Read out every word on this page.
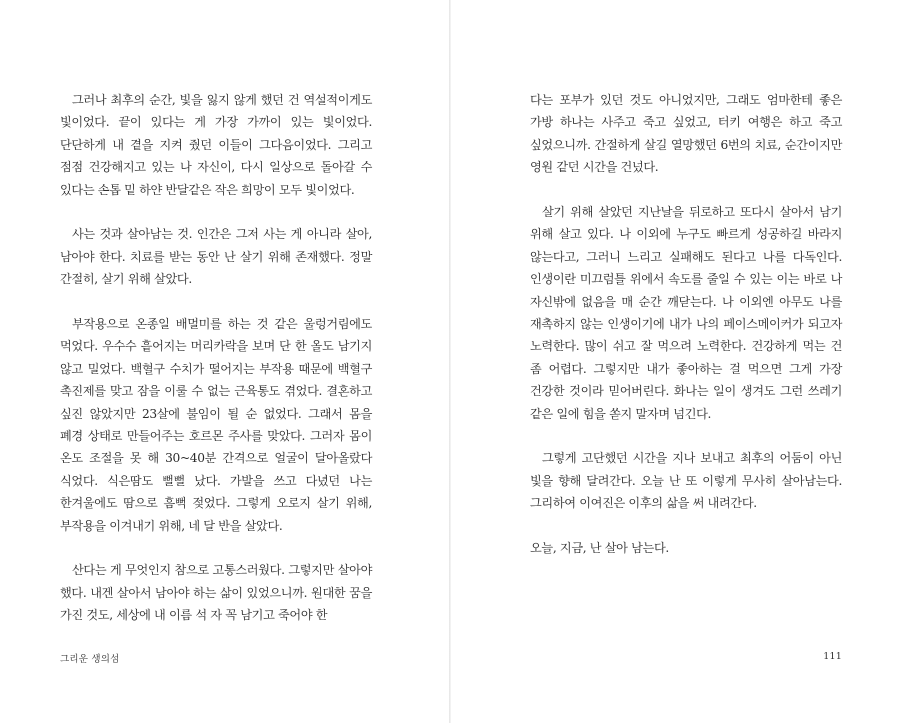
그러나 최후의 순간, 빛을 잃지 않게 했던 건 역설적이게도 빛이었다. 끝이 있다는 게 가장 가까이 있는 빛이었다. 단단하게 내 곁을 지켜 줬던 이들이 그다음이었다. 그리고 점점 건강해지고 있는 나 자신이, 다시 일상으로 돌아갈 수 있다는 손톱 밑 하얀 반달같은 작은 희망이 모두 빛이었다.

사는 것과 살아남는 것. 인간은 그저 사는 게 아니라 살아, 남아야 한다. 치료를 받는 동안 난 살기 위해 존재했다. 정말 간절히, 살기 위해 살았다.

부작용으로 온종일 배멀미를 하는 것 같은 울렁거림에도 먹었다. 우수수 흩어지는 머리카락을 보며 단 한 올도 남기지 않고 밀었다. 백혈구 수치가 떨어지는 부작용 때문에 백혈구 촉진제를 맞고 잠을 이룰 수 없는 근육통도 겪었다. 결혼하고 싶진 않았지만 23살에 불임이 될 순 없었다. 그래서 몸을 폐경 상태로 만들어주는 호르몬 주사를 맞았다. 그러자 몸이 온도 조절을 못 해 30~40분 간격으로 얼굴이 달아올랐다 식었다. 식은땀도 뻘뻘 났다. 가발을 쓰고 다녔던 나는 한겨울에도 땀으로 흠뻑 젖었다. 그렇게 오로지 살기 위해, 부작용을 이겨내기 위해, 네 달 반을 살았다.

산다는 게 무엇인지 참으로 고통스러웠다. 그렇지만 살아야 했다. 내겐 살아서 남아야 하는 삶이 있었으니까. 원대한 꿈을 가진 것도, 세상에 내 이름 석 자 꼭 남기고 죽어야 한

그리운 생의섬

다는 포부가 있던 것도 아니었지만, 그래도 엄마한테 좋은 가방 하나는 사주고 죽고 싶었고, 터키 여행은 하고 죽고 싶었으니까. 간절하게 살길 열망했던 6번의 치료, 순간이지만 영원 같던 시간을 건넜다.

살기 위해 살았던 지난날을 뒤로하고 또다시 살아서 남기 위해 살고 있다. 나 이외에 누구도 빠르게 성공하길 바라지 않는다고, 그러니 느리고 실패해도 된다고 나를 다독인다. 인생이란 미끄럼틀 위에서 속도를 줄일 수 있는 이는 바로 나 자신밖에 없음을 매 순간 깨닫는다. 나 이외엔 아무도 나를 재촉하지 않는 인생이기에 내가 나의 페이스메이커가 되고자 노력한다. 많이 쉬고 잘 먹으려 노력한다. 건강하게 먹는 건 좀 어렵다. 그렇지만 내가 좋아하는 걸 먹으면 그게 가장 건강한 것이라 믿어버린다. 화나는 일이 생겨도 그런 쓰레기 같은 일에 힘을 쏟지 말자며 넘긴다.

그렇게 고단했던 시간을 지나 보내고 최후의 어둠이 아닌 빛을 향해 달려간다. 오늘 난 또 이렇게 무사히 살아남는다. 그리하여 이여진은 이후의 삶을 써 내려간다.

오늘, 지금, 난 살아 남는다.

111
